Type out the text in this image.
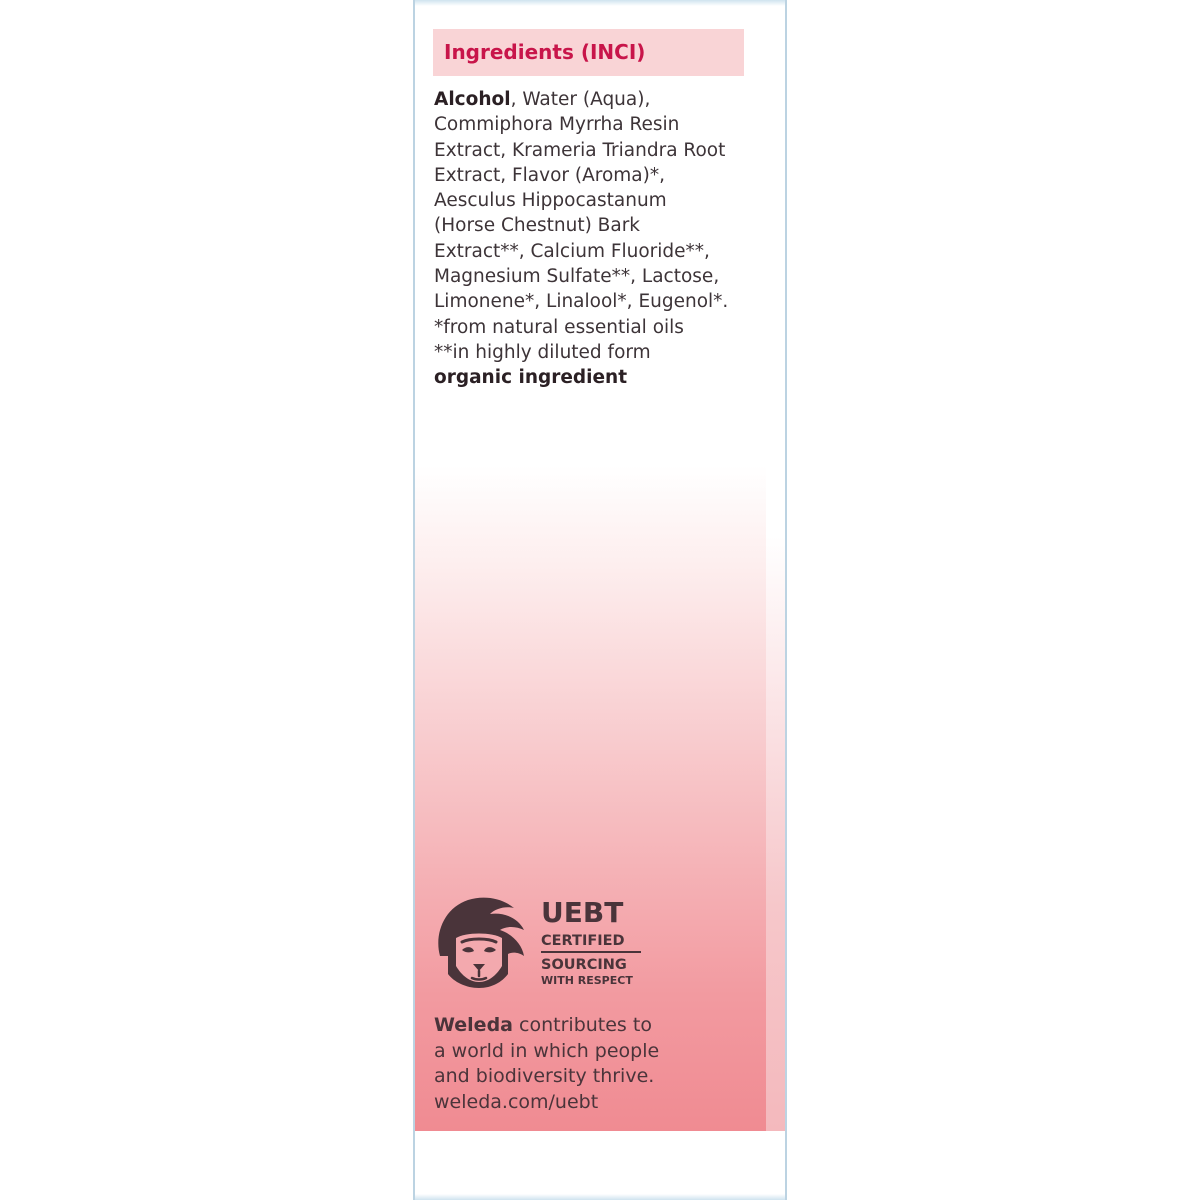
Ingredients (INCI)
Alcohol, Water (Aqua),
Commiphora Myrrha Resin
Extract, Krameria Triandra Root
Extract, Flavor (Aroma)*,
Aesculus Hippocastanum
(Horse Chestnut) Bark
Extract**, Calcium Fluoride**,
Magnesium Sulfate**, Lactose,
Limonene*, Linalool*, Eugenol*.
*from natural essential oils
**in highly diluted form
organic ingredient
UEBT
CERTIFIED
SOURCING
WITH RESPECT
Weleda contributes to
a world in which people
and biodiversity thrive.
weleda.com/uebt
